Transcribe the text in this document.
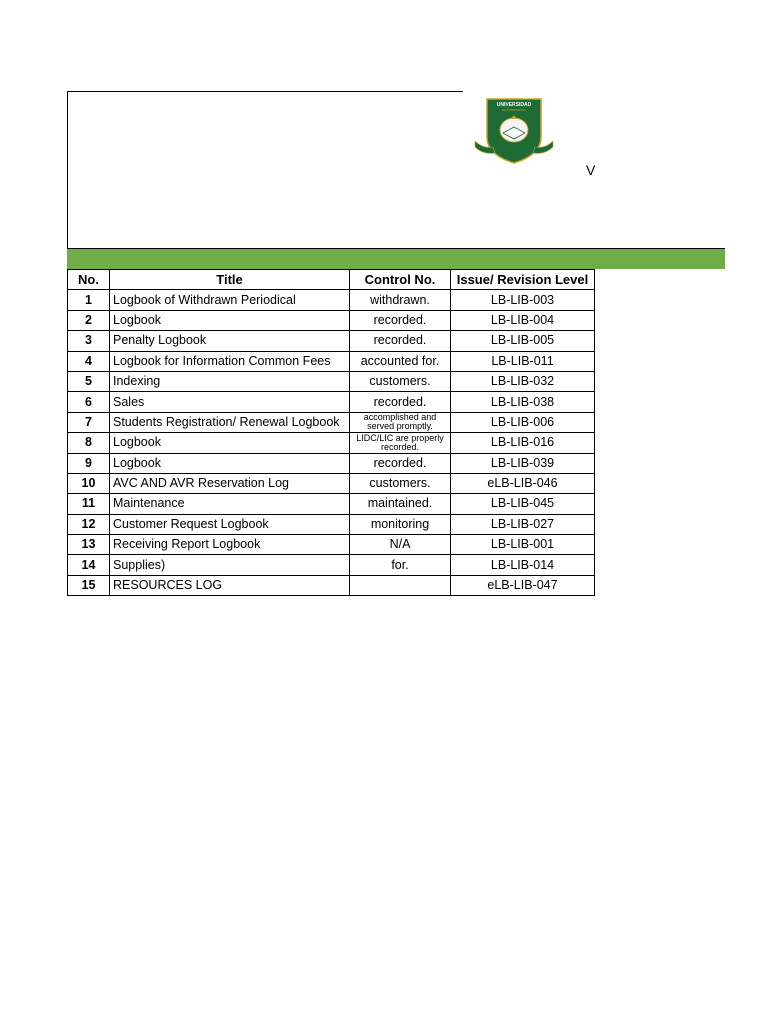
UNIVERSIDAD
DE ZAMBOANGA
V
No.	Title	Control No.	Issue/ Revision Level
1	Logbook of Withdrawn Periodical	withdrawn.	LB-LIB-003
2	Logbook	recorded.	LB-LIB-004
3	Penalty Logbook	recorded.	LB-LIB-005
4	Logbook for Information Common Fees	accounted for.	LB-LIB-011
5	Indexing	customers.	LB-LIB-032
6	Sales	recorded.	LB-LIB-038
7	Students Registration/ Renewal Logbook	accomplished and served promptly.	LB-LIB-006
8	Logbook	LIDC/LIC are properly recorded.	LB-LIB-016
9	Logbook	recorded.	LB-LIB-039
10	AVC AND AVR Reservation Log	customers.	eLB-LIB-046
11	Maintenance	maintained.	LB-LIB-045
12	Customer Request Logbook	monitoring	LB-LIB-027
13	Receiving Report Logbook	N/A	LB-LIB-001
14	Supplies)	for.	LB-LIB-014
15	RESOURCES LOG		eLB-LIB-047
